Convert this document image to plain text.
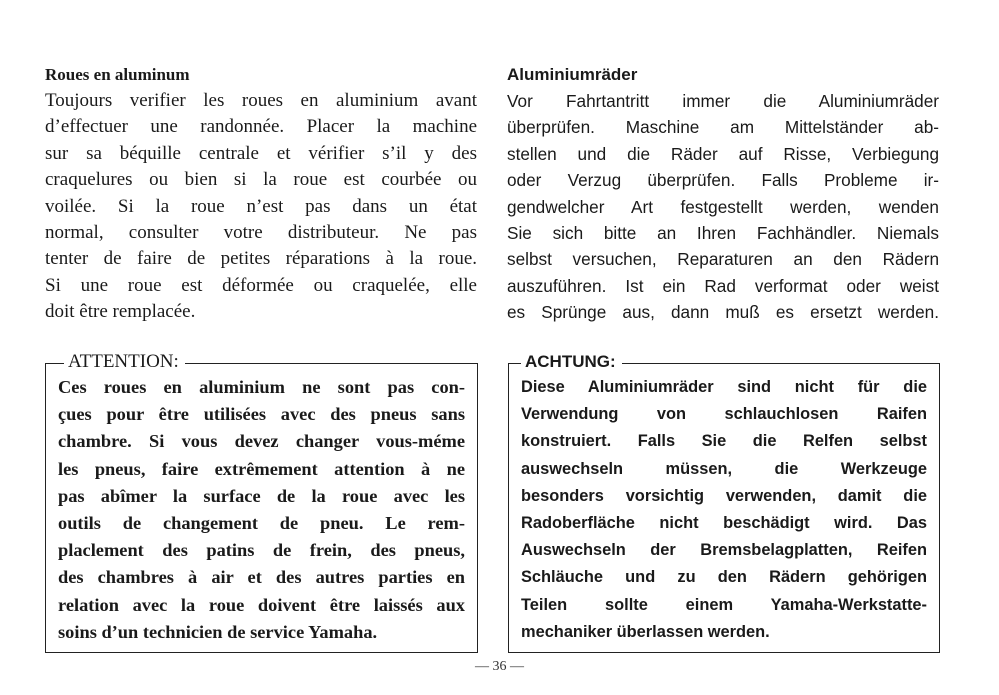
Roues en aluminum
Toujours verifier les roues en aluminium avant
d’effectuer une randonnée. Placer la machine
sur sa béquille centrale et vérifier s’il y des
craquelures ou bien si la roue est courbée ou
voilée. Si la roue n’est pas dans un état
normal, consulter votre distributeur. Ne pas
tenter de faire de petites réparations à la roue.
Si une roue est déformée ou craquelée, elle
doit être remplacée.
Aluminiumräder
Vor Fahrtantritt immer die Aluminiumräder
überprüfen. Maschine am Mittelständer ab-
stellen und die Räder auf Risse, Verbiegung
oder Verzug überprüfen. Falls Probleme ir-
gendwelcher Art festgestellt werden, wenden
Sie sich bitte an Ihren Fachhändler. Niemals
selbst versuchen, Reparaturen an den Rädern
auszuführen. Ist ein Rad verformat oder weist
es Sprünge aus, dann muß es ersetzt werden.
ATTENTION:
Ces roues en aluminium ne sont pas con-
çues pour être utilisées avec des pneus sans
chambre. Si vous devez changer vous-méme
les pneus, faire extrêmement attention à ne
pas abîmer la surface de la roue avec les
outils de changement de pneu. Le rem-
placlement des patins de frein, des pneus,
des chambres à air et des autres parties en
relation avec la roue doivent être laissés aux
soins d’un technicien de service Yamaha.
ACHTUNG:
Diese Aluminiumräder sind nicht für die
Verwendung von schlauchlosen Raifen
konstruiert. Falls Sie die Relfen selbst
auswechseln müssen, die Werkzeuge
besonders vorsichtig verwenden, damit die
Radoberfläche nicht beschädigt wird. Das
Auswechseln der Bremsbelagplatten, Reifen
Schläuche und zu den Rädern gehörigen
Teilen sollte einem Yamaha-Werkstatte-
mechaniker überlassen werden.
— 36 —
